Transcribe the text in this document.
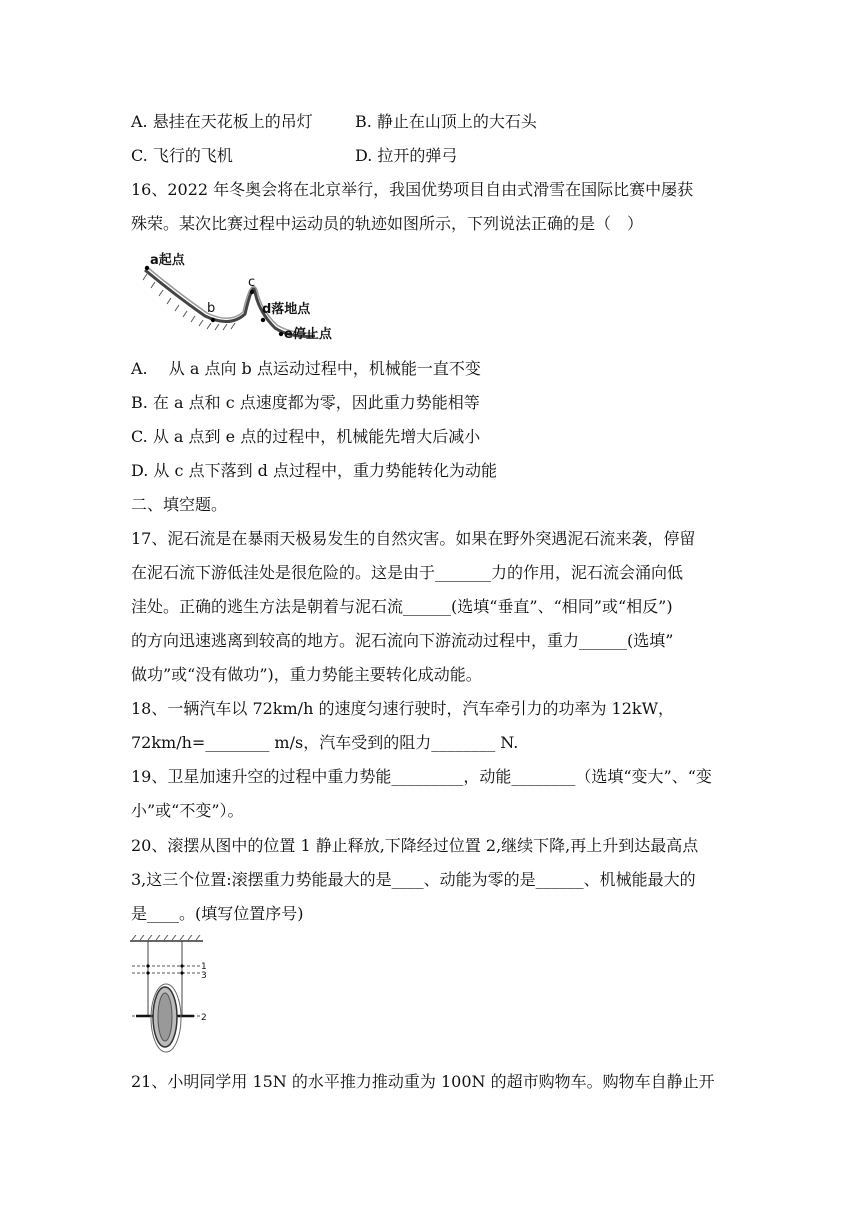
A. 悬挂在天花板上的吊灯	B. 静止在山顶上的大石头
C. 飞行的飞机	D. 拉开的弹弓
16、2022 年冬奥会将在北京举行，我国优势项目自由式滑雪在国际比赛中屡获
殊荣。某次比赛过程中运动员的轨迹如图所示，下列说法正确的是（　）
a起点
b
c
d落地点
e停止点
A.　 从 a 点向 b 点运动过程中，机械能一直不变
B. 在 a 点和 c 点速度都为零，因此重力势能相等
C. 从 a 点到 e 点的过程中，机械能先增大后减小
D. 从 c 点下落到 d 点过程中，重力势能转化为动能
二、填空题。
17、泥石流是在暴雨天极易发生的自然灾害。如果在野外突遇泥石流来袭，停留
在泥石流下游低洼处是很危险的。这是由于_______力的作用，泥石流会涌向低
洼处。正确的逃生方法是朝着与泥石流______(选填“垂直”、“相同”或“相反”)
的方向迅速逃离到较高的地方。泥石流向下游流动过程中，重力______(选填”
做功”或“没有做功”)，重力势能主要转化成动能。
18、一辆汽车以 72km/h 的速度匀速行驶时，汽车牵引力的功率为 12kW，
72km/h=________ m/s，汽车受到的阻力________ N.
19、卫星加速升空的过程中重力势能_________，动能________（选填“变大”、“变
小”或“不变”）。
20、滚摆从图中的位置 1 静止释放,下降经过位置 2,继续下降,再上升到达最高点
3,这三个位置:滚摆重力势能最大的是____、动能为零的是______、机械能最大的
是____。(填写位置序号)
1
3
2
21、小明同学用 15N 的水平推力推动重为 100N 的超市购物车。购物车自静止开
